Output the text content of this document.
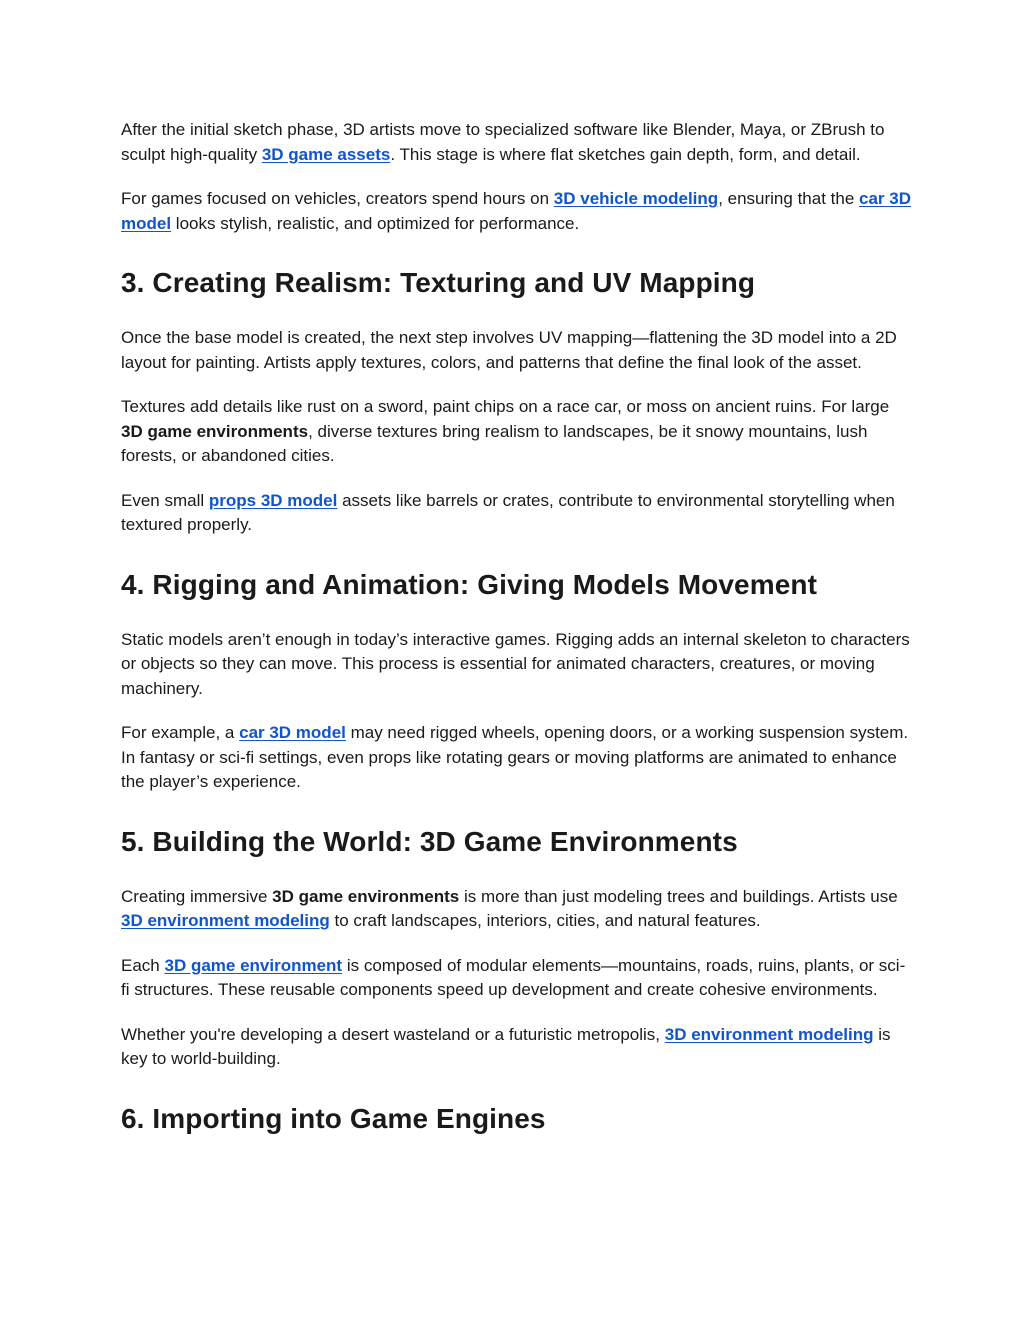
After the initial sketch phase, 3D artists move to specialized software like Blender, Maya, or ZBrush to sculpt high-quality 3D game assets. This stage is where flat sketches gain depth, form, and detail.

For games focused on vehicles, creators spend hours on 3D vehicle modeling, ensuring that the car 3D model looks stylish, realistic, and optimized for performance.

3. Creating Realism: Texturing and UV Mapping

Once the base model is created, the next step involves UV mapping—flattening the 3D model into a 2D layout for painting. Artists apply textures, colors, and patterns that define the final look of the asset.

Textures add details like rust on a sword, paint chips on a race car, or moss on ancient ruins. For large 3D game environments, diverse textures bring realism to landscapes, be it snowy mountains, lush forests, or abandoned cities.

Even small props 3D model assets like barrels or crates, contribute to environmental storytelling when textured properly.

4. Rigging and Animation: Giving Models Movement

Static models aren’t enough in today’s interactive games. Rigging adds an internal skeleton to characters or objects so they can move. This process is essential for animated characters, creatures, or moving machinery.

For example, a car 3D model may need rigged wheels, opening doors, or a working suspension system. In fantasy or sci-fi settings, even props like rotating gears or moving platforms are animated to enhance the player’s experience.

5. Building the World: 3D Game Environments

Creating immersive 3D game environments is more than just modeling trees and buildings. Artists use 3D environment modeling to craft landscapes, interiors, cities, and natural features.

Each 3D game environment is composed of modular elements—mountains, roads, ruins, plants, or sci-fi structures. These reusable components speed up development and create cohesive environments.

Whether you're developing a desert wasteland or a futuristic metropolis, 3D environment modeling is key to world-building.

6. Importing into Game Engines
